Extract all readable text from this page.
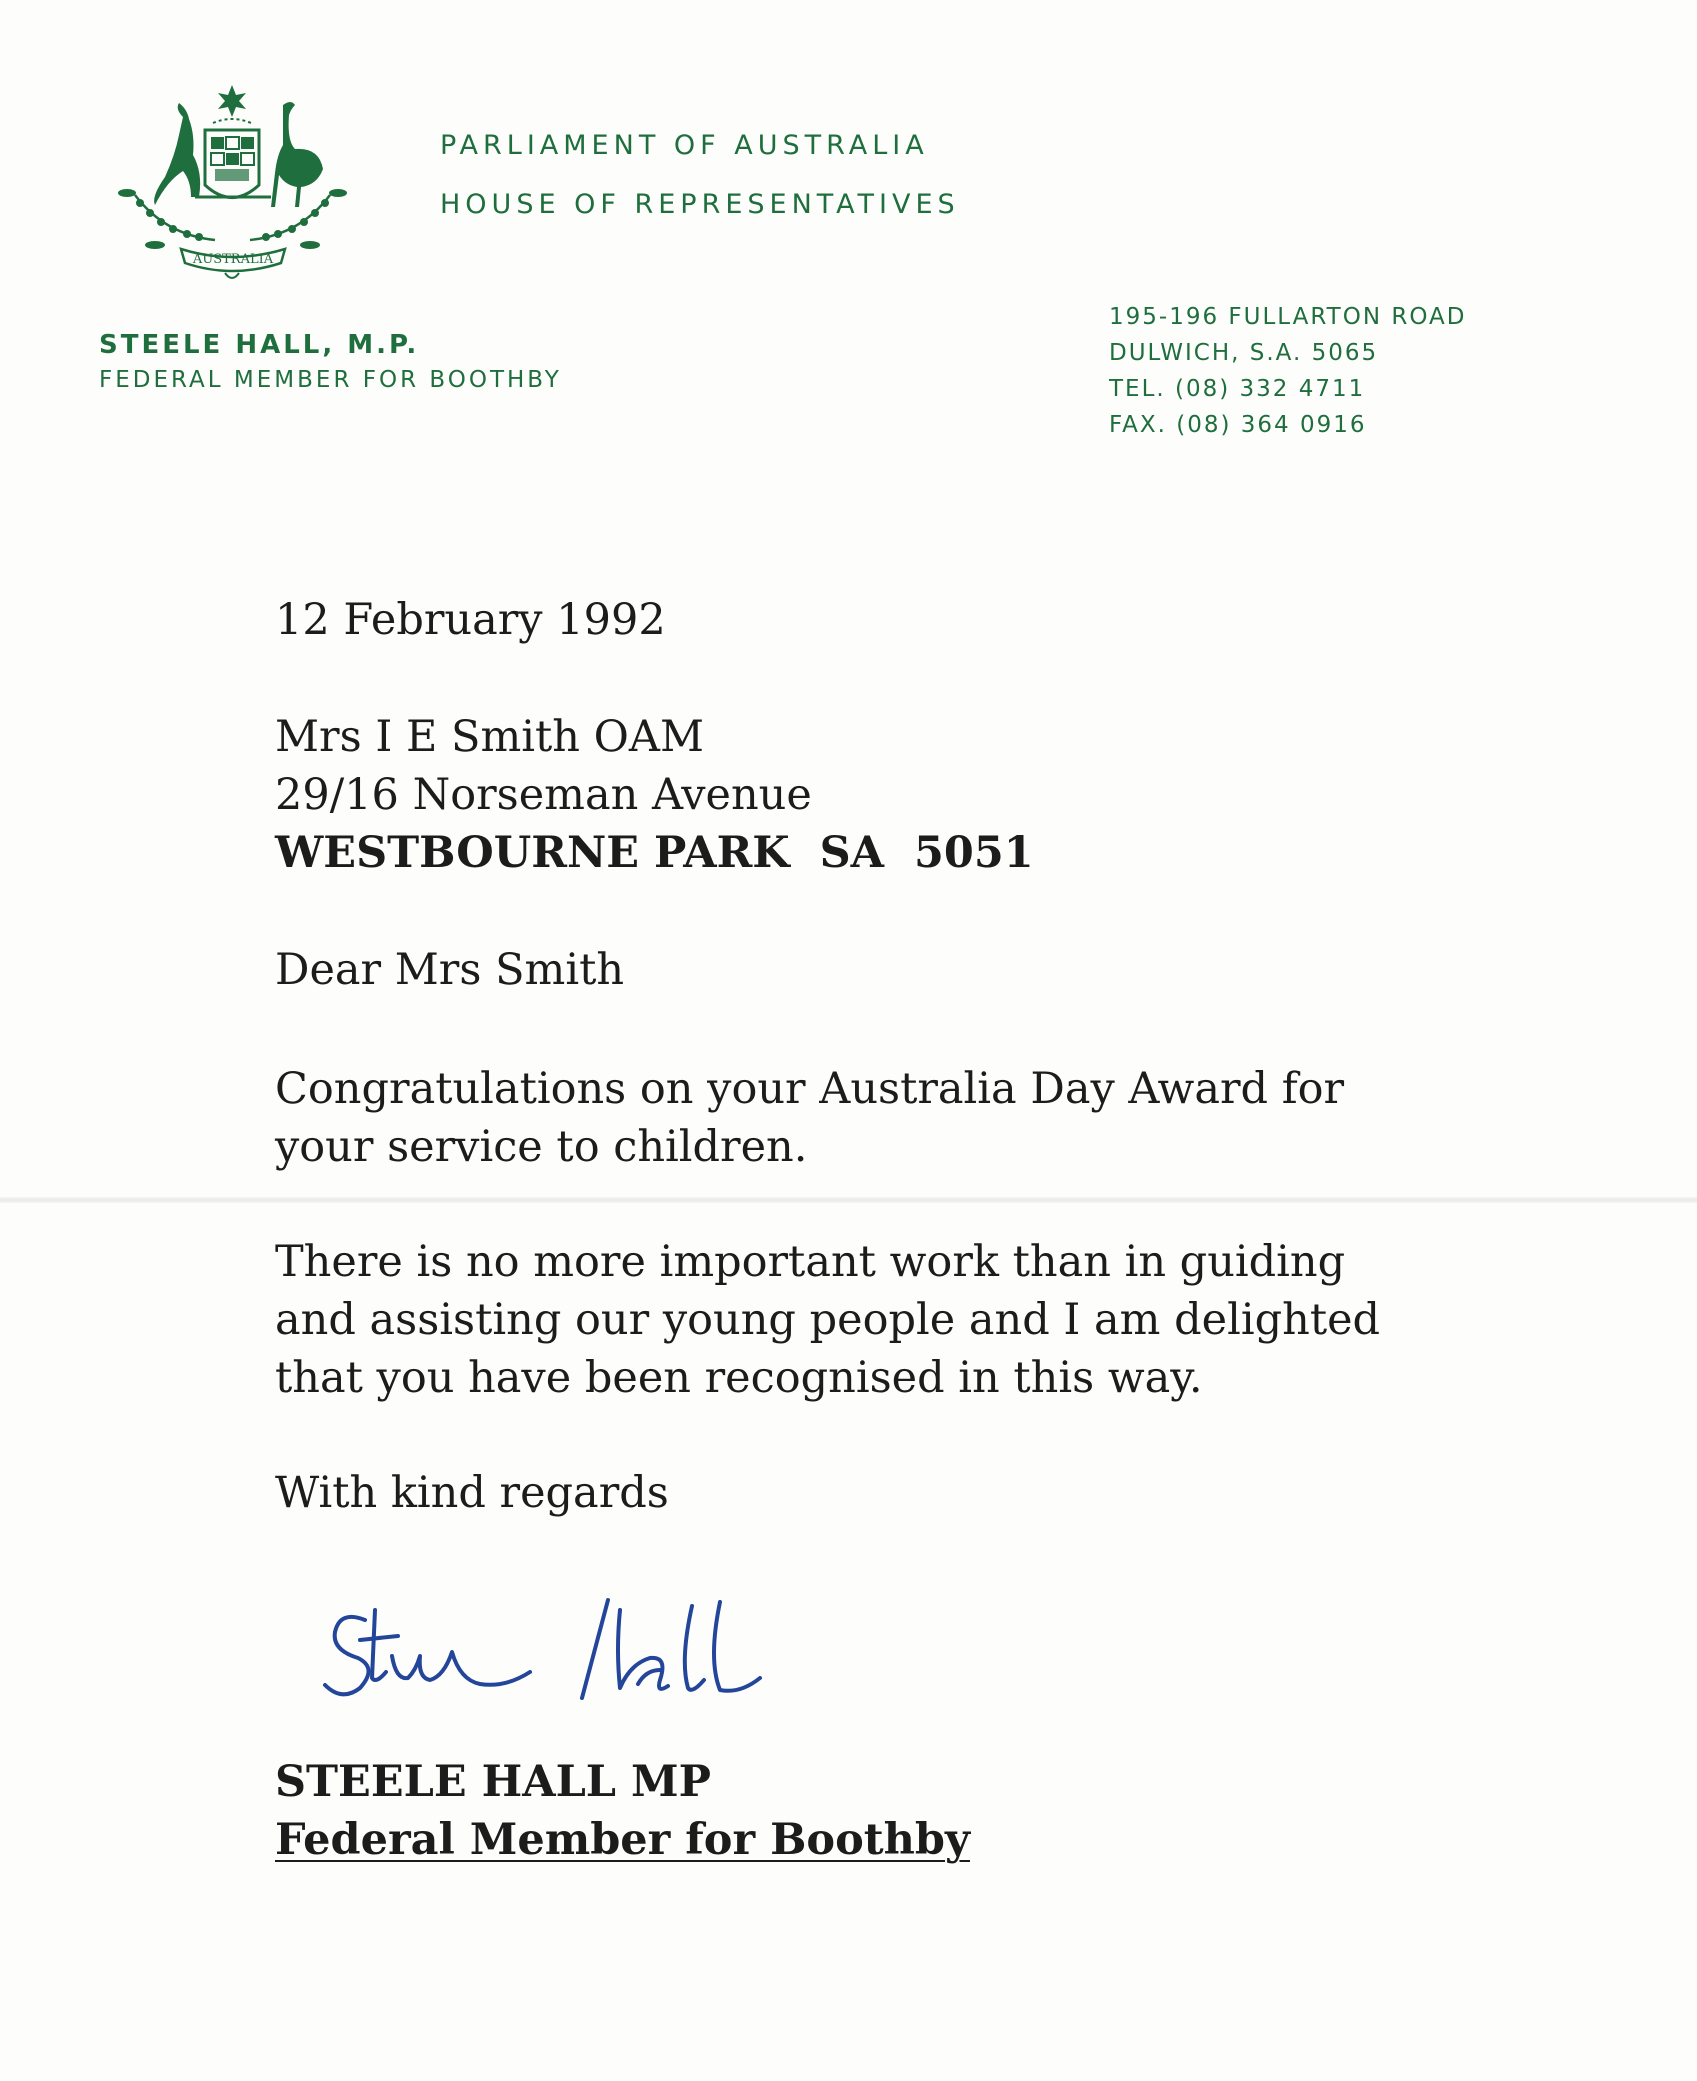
AUSTRALIA
PARLIAMENT OF AUSTRALIA
HOUSE OF REPRESENTATIVES
STEELE HALL, M.P.
FEDERAL MEMBER FOR BOOTHBY
195-196 FULLARTON ROAD
DULWICH, S.A. 5065
TEL. (08) 332 4711
FAX. (08) 364 0916
12 February 1992
Mrs I E Smith OAM
29/16 Norseman Avenue
WESTBOURNE PARK  SA  5051
Dear Mrs Smith
Congratulations on your Australia Day Award for
your service to children.
There is no more important work than in guiding
and assisting our young people and I am delighted
that you have been recognised in this way.
With kind regards
STEELE HALL MP
Federal Member for Boothby
